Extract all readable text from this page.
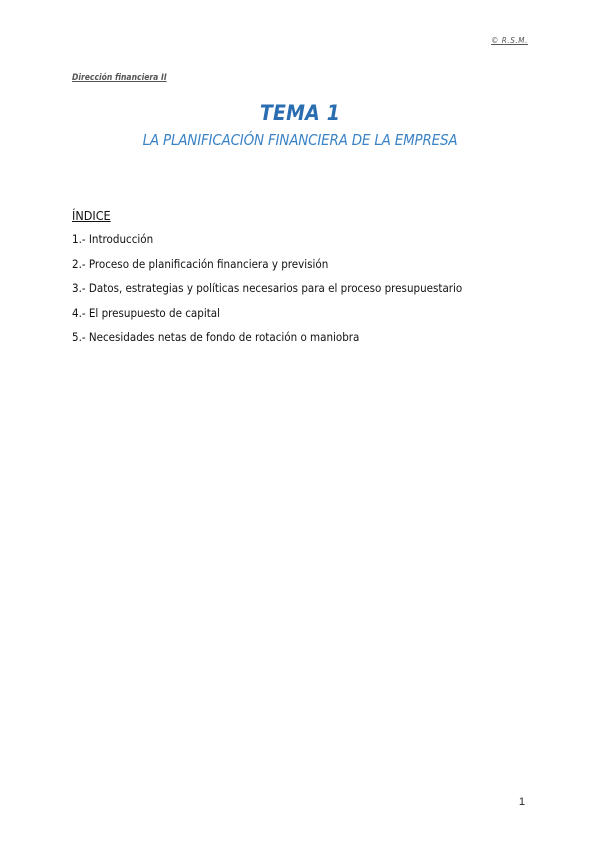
© R.S.M.
Dirección financiera II
TEMA 1
LA PLANIFICACIÓN FINANCIERA DE LA EMPRESA
ÍNDICE
1.- Introducción
2.- Proceso de planificación financiera y previsión
3.- Datos, estrategias y políticas necesarios para el proceso presupuestario
4.- El presupuesto de capital
5.- Necesidades netas de fondo de rotación o maniobra
1
